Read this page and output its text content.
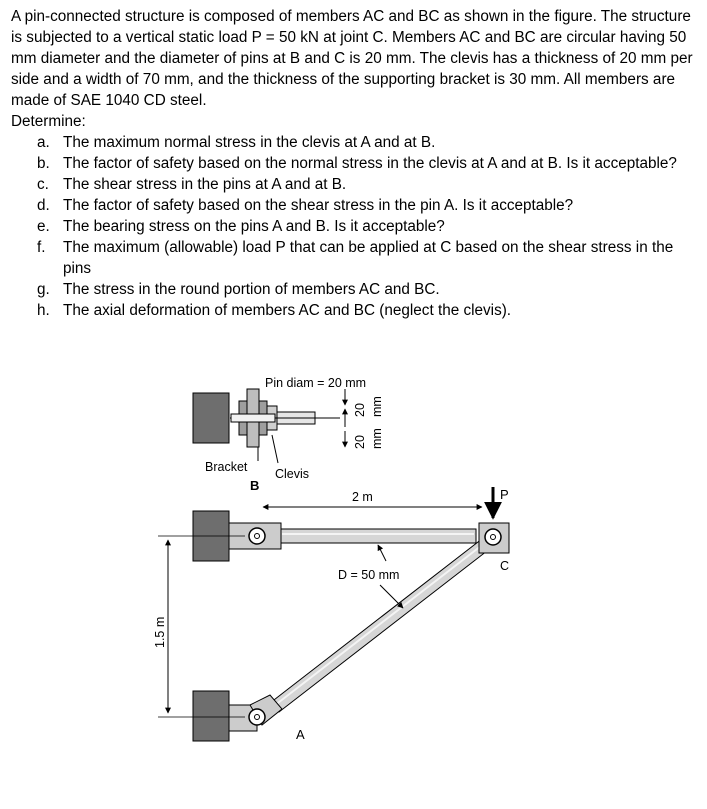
A pin-connected structure is composed of members AC and BC as shown in the figure. The structure is subjected to a vertical static load P = 50 kN at joint C. Members AC and BC are circular having 50 mm diameter and the diameter of pins at B and C is 20 mm. The clevis has a thickness of 20 mm per side and a width of 70 mm, and the thickness of the supporting bracket is 30 mm. All members are made of SAE 1040 CD steel.

Determine:

a. The maximum normal stress in the clevis at A and at B.
b. The factor of safety based on the normal stress in the clevis at A and at B. Is it acceptable?
c. The shear stress in the pins at A and at B.
d. The factor of safety based on the shear stress in the pin A. Is it acceptable?
e. The bearing stress on the pins A and B. Is it acceptable?
f. The maximum (allowable) load P that can be applied at C based on the shear stress in the pins
g. The stress in the round portion of members AC and BC.
h. The axial deformation of members AC and BC (neglect the clevis).
Pin diam = 20 mm
20
20
mm
mm
Bracket Clevis
B
2 m	P
C
D = 50 mm
1.5 m
A
